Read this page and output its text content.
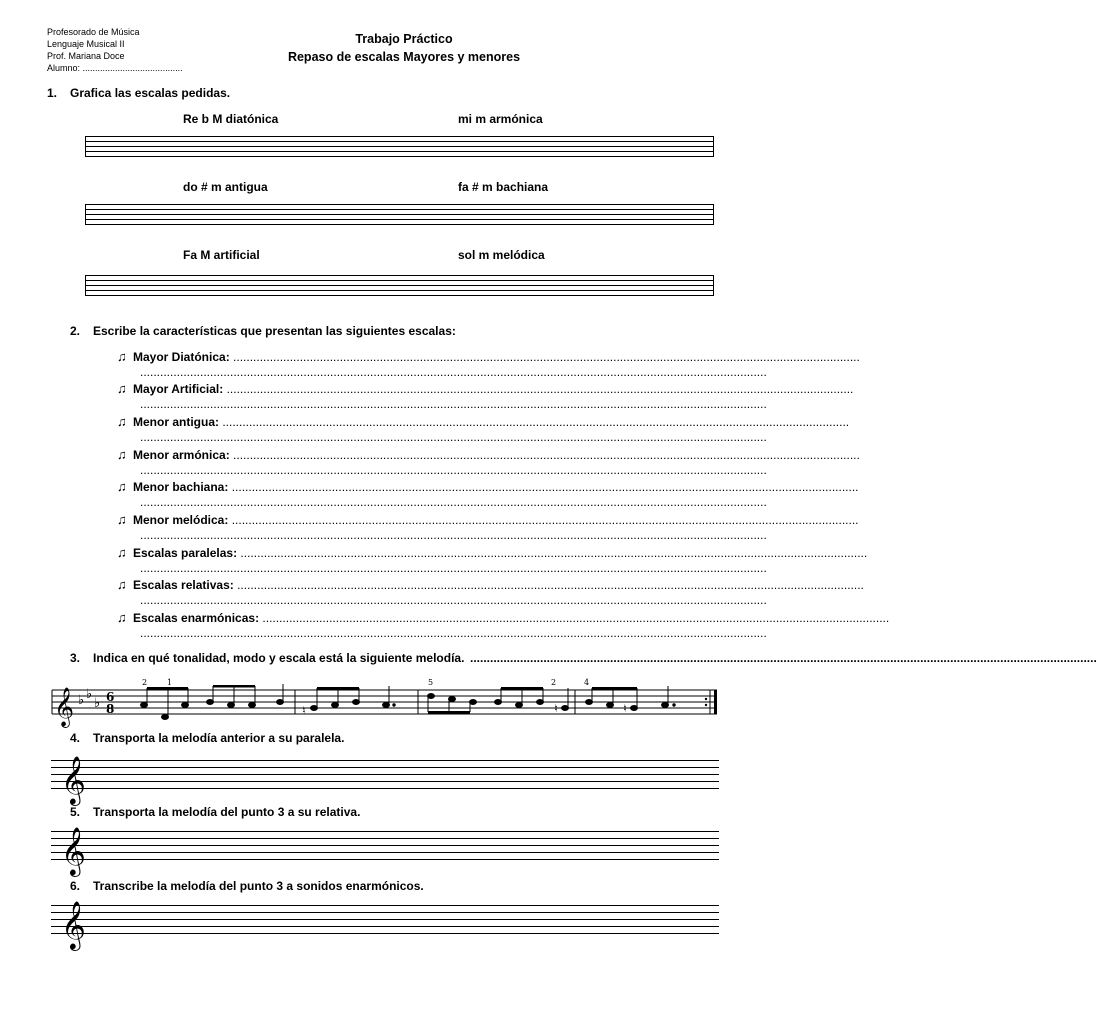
Profesorado de Música
Lenguaje Musical II
Prof. Mariana Doce
Alumno: ........................................
Trabajo Práctico
Repaso de escalas Mayores y menores
1. Grafica las escalas pedidas.
Re b M diatónica	mi m armónica
do # m antigua	fa # m bachiana
Fa M artificial	sol m melódica
2. Escribe la características que presentan las siguientes escalas:
♫ Mayor Diatónica: ............................................................................................................................................................................................
............................................................................................................................................................................................
♫ Mayor Artificial: ............................................................................................................................................................................................
............................................................................................................................................................................................
♫ Menor antigua: ............................................................................................................................................................................................
............................................................................................................................................................................................
♫ Menor armónica: ............................................................................................................................................................................................
............................................................................................................................................................................................
♫ Menor bachiana: ............................................................................................................................................................................................
............................................................................................................................................................................................
♫ Menor melódica: ............................................................................................................................................................................................
............................................................................................................................................................................................
♫ Escalas paralelas: ............................................................................................................................................................................................
............................................................................................................................................................................................
♫ Escalas relativas: ............................................................................................................................................................................................
............................................................................................................................................................................................
♫ Escalas enarmónicas: ............................................................................................................................................................................................
............................................................................................................................................................................................
3. Indica en qué tonalidad, modo y escala está la siguiente melodía. ............................................................................................................................................................................................
𝄞 ♭ ♭
♭ 6
8
2 1	5	2	4
♮	♮	♮
4. Transporta la melodía anterior a su paralela.
𝄞
5. Transporta la melodía del punto 3 a su relativa.
𝄞
6. Transcribe la melodía del punto 3 a sonidos enarmónicos.
𝄞
